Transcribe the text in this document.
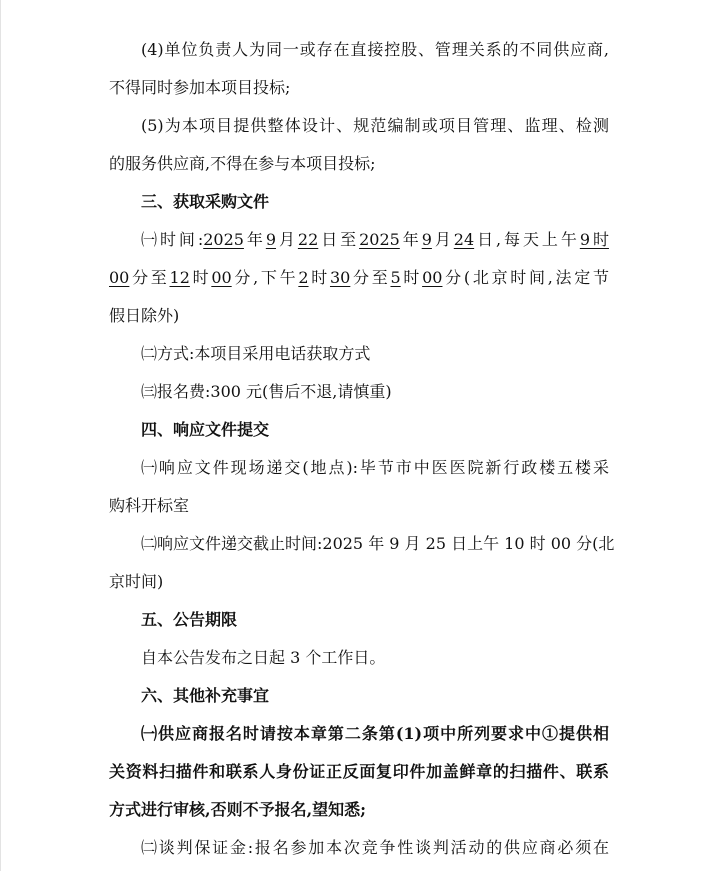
(4)单位负责人为同一或存在直接控股、管理关系的不同供应商,
不得同时参加本项目投标;
(5)为本项目提供整体设计、规范编制或项目管理、监理、检测
的服务供应商,不得在参与本项目投标;
三、获取采购文件
㈠时间:2025年9月22日至2025年9月24日,每天上午9时
00分至12时00分,下午2时30分至5时00分(北京时间,法定节
假日除外)
㈡方式:本项目采用电话获取方式
㈢报名费:300 元(售后不退,请慎重)
四、响应文件提交
㈠响应文件现场递交(地点):毕节市中医医院新行政楼五楼采
购科开标室
㈡响应文件递交截止时间:2025 年 9 月 25 日上午 10 时 00 分(北
京时间)
五、公告期限
自本公告发布之日起 3 个工作日。
六、其他补充事宜
㈠供应商报名时请按本章第二条第(1)项中所列要求中①提供相
关资料扫描件和联系人身份证正反面复印件加盖鲜章的扫描件、联系
方式进行审核,否则不予报名,望知悉;
㈡谈判保证金:报名参加本次竞争性谈判活动的供应商必须在
